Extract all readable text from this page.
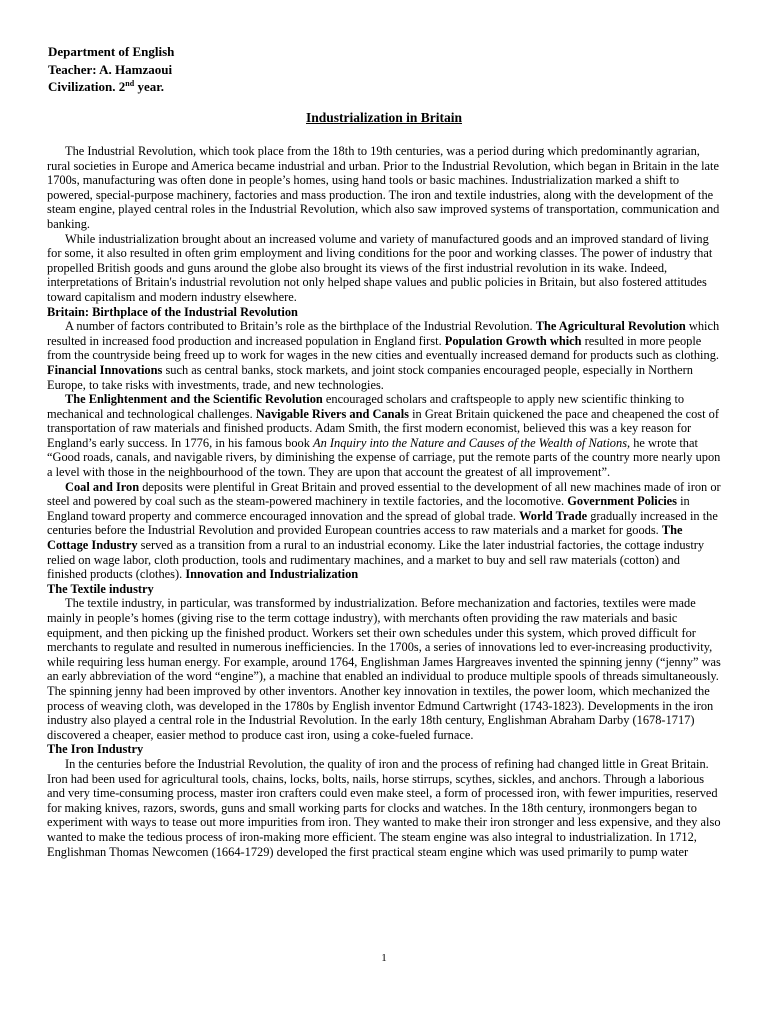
Department of English
Teacher: A. Hamzaoui
Civilization. 2nd year.
Industrialization in Britain

The Industrial Revolution, which took place from the 18th to 19th centuries, was a period during which predominantly agrarian, rural societies in Europe and America became industrial and urban. Prior to the Industrial Revolution, which began in Britain in the late 1700s, manufacturing was often done in people’s homes, using hand tools or basic machines. Industrialization marked a shift to powered, special-purpose machinery, factories and mass production. The iron and textile industries, along with the development of the steam engine, played central roles in the Industrial Revolution, which also saw improved systems of transportation, communication and banking.

While industrialization brought about an increased volume and variety of manufactured goods and an improved standard of living for some, it also resulted in often grim employment and living conditions for the poor and working classes. The power of industry that propelled British goods and guns around the globe also brought its views of the first industrial revolution in its wake. Indeed, interpretations of Britain's industrial revolution not only helped shape values and public policies in Britain, but also fostered attitudes toward capitalism and modern industry elsewhere.

Britain: Birthplace of the Industrial Revolution

A number of factors contributed to Britain’s role as the birthplace of the Industrial Revolution. The Agricultural Revolution which resulted in increased food production and increased population in England first. Population Growth which resulted in more people from the countryside being freed up to work for wages in the new cities and eventually increased demand for products such as clothing. Financial Innovations such as central banks, stock markets, and joint stock companies encouraged people, especially in Northern Europe, to take risks with investments, trade, and new technologies.

The Enlightenment and the Scientific Revolution encouraged scholars and craftspeople to apply new scientific thinking to mechanical and technological challenges. Navigable Rivers and Canals in Great Britain quickened the pace and cheapened the cost of transportation of raw materials and finished products. Adam Smith, the first modern economist, believed this was a key reason for England’s early success. In 1776, in his famous book An Inquiry into the Nature and Causes of the Wealth of Nations, he wrote that “Good roads, canals, and navigable rivers, by diminishing the expense of carriage, put the remote parts of the country more nearly upon a level with those in the neighbourhood of the town. They are upon that account the greatest of all improvement”.

Coal and Iron deposits were plentiful in Great Britain and proved essential to the development of all new machines made of iron or steel and powered by coal such as the steam-powered machinery in textile factories, and the locomotive. Government Policies in England toward property and commerce encouraged innovation and the spread of global trade. World Trade gradually increased in the centuries before the Industrial Revolution and provided European countries access to raw materials and a market for goods. The Cottage Industry served as a transition from a rural to an industrial economy. Like the later industrial factories, the cottage industry relied on wage labor, cloth production, tools and rudimentary machines, and a market to buy and sell raw materials (cotton) and finished products (clothes). Innovation and Industrialization

The Textile industry

The textile industry, in particular, was transformed by industrialization. Before mechanization and factories, textiles were made mainly in people’s homes (giving rise to the term cottage industry), with merchants often providing the raw materials and basic equipment, and then picking up the finished product. Workers set their own schedules under this system, which proved difficult for merchants to regulate and resulted in numerous inefficiencies. In the 1700s, a series of innovations led to ever-increasing productivity, while requiring less human energy. For example, around 1764, Englishman James Hargreaves invented the spinning jenny (“jenny” was an early abbreviation of the word “engine”), a machine that enabled an individual to produce multiple spools of threads simultaneously. The spinning jenny had been improved by other inventors. Another key innovation in textiles, the power loom, which mechanized the process of weaving cloth, was developed in the 1780s by English inventor Edmund Cartwright (1743-1823). Developments in the iron industry also played a central role in the Industrial Revolution. In the early 18th century, Englishman Abraham Darby (1678-1717) discovered a cheaper, easier method to produce cast iron, using a coke-fueled furnace.

The Iron Industry

In the centuries before the Industrial Revolution, the quality of iron and the process of refining had changed little in Great Britain. Iron had been used for agricultural tools, chains, locks, bolts, nails, horse stirrups, scythes, sickles, and anchors. Through a laborious and very time-consuming process, master iron crafters could even make steel, a form of processed iron, with fewer impurities, reserved for making knives, razors, swords, guns and small working parts for clocks and watches. In the 18th century, ironmongers began to experiment with ways to tease out more impurities from iron. They wanted to make their iron stronger and less expensive, and they also wanted to make the tedious process of iron-making more efficient. The steam engine was also integral to industrialization. In 1712, Englishman Thomas Newcomen (1664-1729) developed the first practical steam engine which was used primarily to pump water

1
